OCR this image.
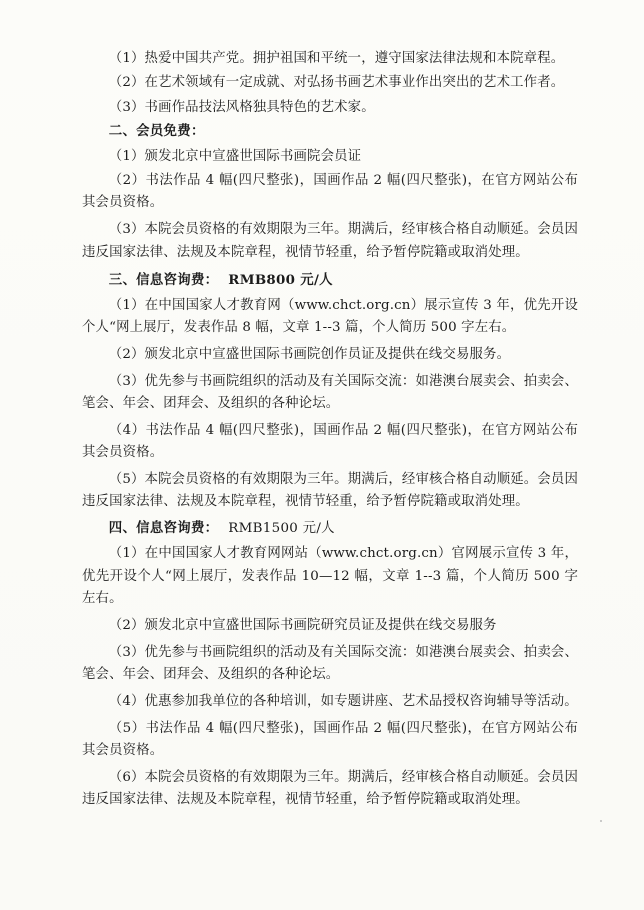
（1）热爱中国共产党。拥护祖国和平统一，遵守国家法律法规和本院章程。

（2）在艺术领域有一定成就、对弘扬书画艺术事业作出突出的艺术工作者。

（3）书画作品技法风格独具特色的艺术家。

二、会员免费：

（1）颁发北京中宣盛世国际书画院会员证

（2）书法作品 4 幅(四尺整张)，国画作品 2 幅(四尺整张)，在官方网站公布其会员资格。

（3）本院会员资格的有效期限为三年。期满后，经审核合格自动顺延。会员因违反国家法律、法规及本院章程，视情节轻重，给予暂停院籍或取消处理。

三、信息咨询费： RMB800 元/人

（1）在中国国家人才教育网（www.chct.org.cn）展示宣传 3 年，优先开设个人“网上展厅，发表作品 8 幅，文章 1--3 篇，个人简历 500 字左右。

（2）颁发北京中宣盛世国际书画院创作员证及提供在线交易服务。

（3）优先参与书画院组织的活动及有关国际交流：如港澳台展卖会、拍卖会、笔会、年会、团拜会、及组织的各种论坛。

（4）书法作品 4 幅(四尺整张)，国画作品 2 幅(四尺整张)，在官方网站公布其会员资格。

（5）本院会员资格的有效期限为三年。期满后，经审核合格自动顺延。会员因违反国家法律、法规及本院章程，视情节轻重，给予暂停院籍或取消处理。

四、信息咨询费： RMB1500 元/人

（1）在中国国家人才教育网网站（www.chct.org.cn）官网展示宣传 3 年，优先开设个人“网上展厅，发表作品 10—12 幅，文章 1--3 篇，个人简历 500 字左右。

（2）颁发北京中宣盛世国际书画院研究员证及提供在线交易服务

（3）优先参与书画院组织的活动及有关国际交流：如港澳台展卖会、拍卖会、笔会、年会、团拜会、及组织的各种论坛。

（4）优惠参加我单位的各种培训，如专题讲座、艺术品授权咨询辅导等活动。

（5）书法作品 4 幅(四尺整张)，国画作品 2 幅(四尺整张)，在官方网站公布其会员资格。

（6）本院会员资格的有效期限为三年。期满后，经审核合格自动顺延。会员因违反国家法律、法规及本院章程，视情节轻重，给予暂停院籍或取消处理。
